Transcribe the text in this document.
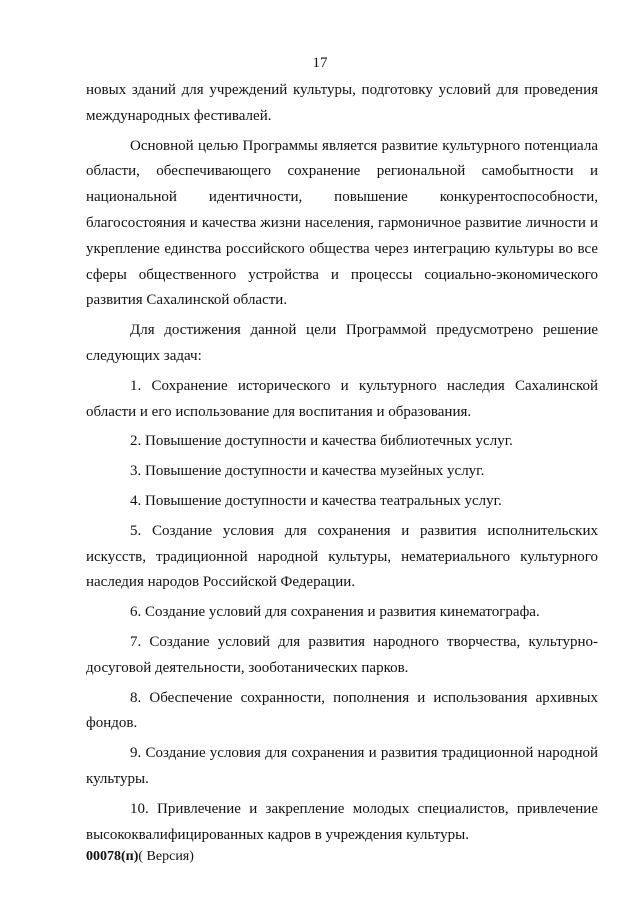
17

новых зданий для учреждений культуры, подготовку условий для проведения международных фестивалей.

Основной целью Программы является развитие культурного потенциала области, обеспечивающего сохранение региональной самобытности и национальной идентичности, повышение конкурентоспособности, благосостояния и качества жизни населения, гармоничное развитие личности и укрепление единства российского общества через интеграцию культуры во все сферы общественного устройства и процессы социально-экономического развития Сахалинской области.

Для достижения данной цели Программой предусмотрено решение следующих задач:

1. Сохранение исторического и культурного наследия Сахалинской области и его использование для воспитания и образования.

2. Повышение доступности и качества библиотечных услуг.

3. Повышение доступности и качества музейных услуг.

4. Повышение доступности и качества театральных услуг.

5. Создание условия для сохранения и развития исполнительских искусств, традиционной народной культуры, нематериального культурного наследия народов Российской Федерации.

6. Создание условий для сохранения и развития кинематографа.

7. Создание условий для развития народного творчества, культурно-досуговой деятельности, зооботанических парков.

8. Обеспечение сохранности, пополнения и использования архивных фондов.

9. Создание условия для сохранения и развития традиционной народной культуры.

10. Привлечение и закрепление молодых специалистов, привлечение высококвалифицированных кадров в учреждения культуры.

00078(п)( Версия)
